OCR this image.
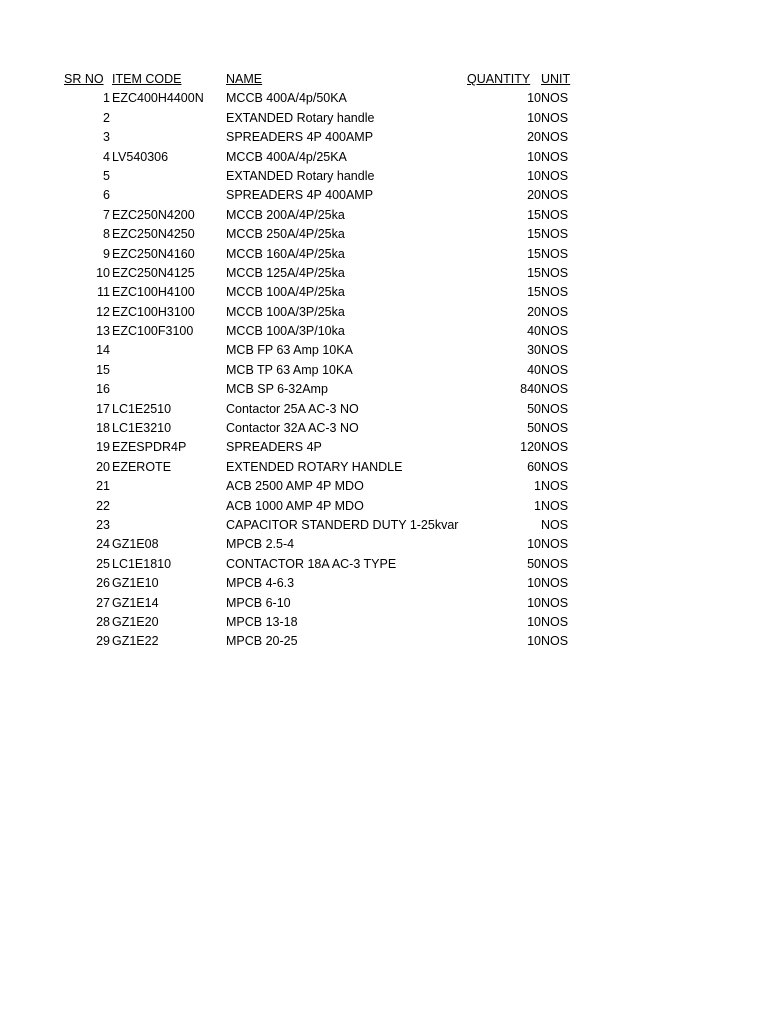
SR NO ITEM CODE	NAME	QUANTITY UNIT
1 EZC400H4400N MCCB 400A/4p/50KA	10 NOS
2	EXTANDED Rotary handle	10 NOS
3	SPREADERS 4P 400AMP	20 NOS
4 LV540306	MCCB 400A/4p/25KA	10 NOS
5	EXTANDED Rotary handle	10 NOS
6	SPREADERS 4P 400AMP	20 NOS
7 EZC250N4200	MCCB 200A/4P/25ka	15 NOS
8 EZC250N4250	MCCB 250A/4P/25ka	15 NOS
9 EZC250N4160	MCCB 160A/4P/25ka	15 NOS
10 EZC250N4125	MCCB 125A/4P/25ka	15 NOS
11 EZC100H4100	MCCB 100A/4P/25ka	15 NOS
12 EZC100H3100	MCCB 100A/3P/25ka	20 NOS
13 EZC100F3100	MCCB 100A/3P/10ka	40 NOS
14	MCB FP 63 Amp 10KA	30 NOS
15	MCB TP 63 Amp 10KA	40 NOS
16	MCB SP 6-32Amp	840 NOS
17 LC1E2510	Contactor 25A AC-3 NO	50 NOS
18 LC1E3210	Contactor 32A AC-3 NO	50 NOS
19 EZESPDR4P	SPREADERS 4P	120 NOS
20 EZEROTE	EXTENDED ROTARY HANDLE	60 NOS
21	ACB 2500 AMP 4P MDO	1 NOS
22	ACB 1000 AMP 4P MDO	1 NOS
23	CAPACITOR STANDERD DUTY 1-25kvar	NOS
24 GZ1E08	MPCB 2.5-4	10 NOS
25 LC1E1810	CONTACTOR 18A AC-3 TYPE	50 NOS
26 GZ1E10	MPCB 4-6.3	10 NOS
27 GZ1E14	MPCB 6-10	10 NOS
28 GZ1E20	MPCB 13-18	10 NOS
29 GZ1E22	MPCB 20-25	10 NOS
